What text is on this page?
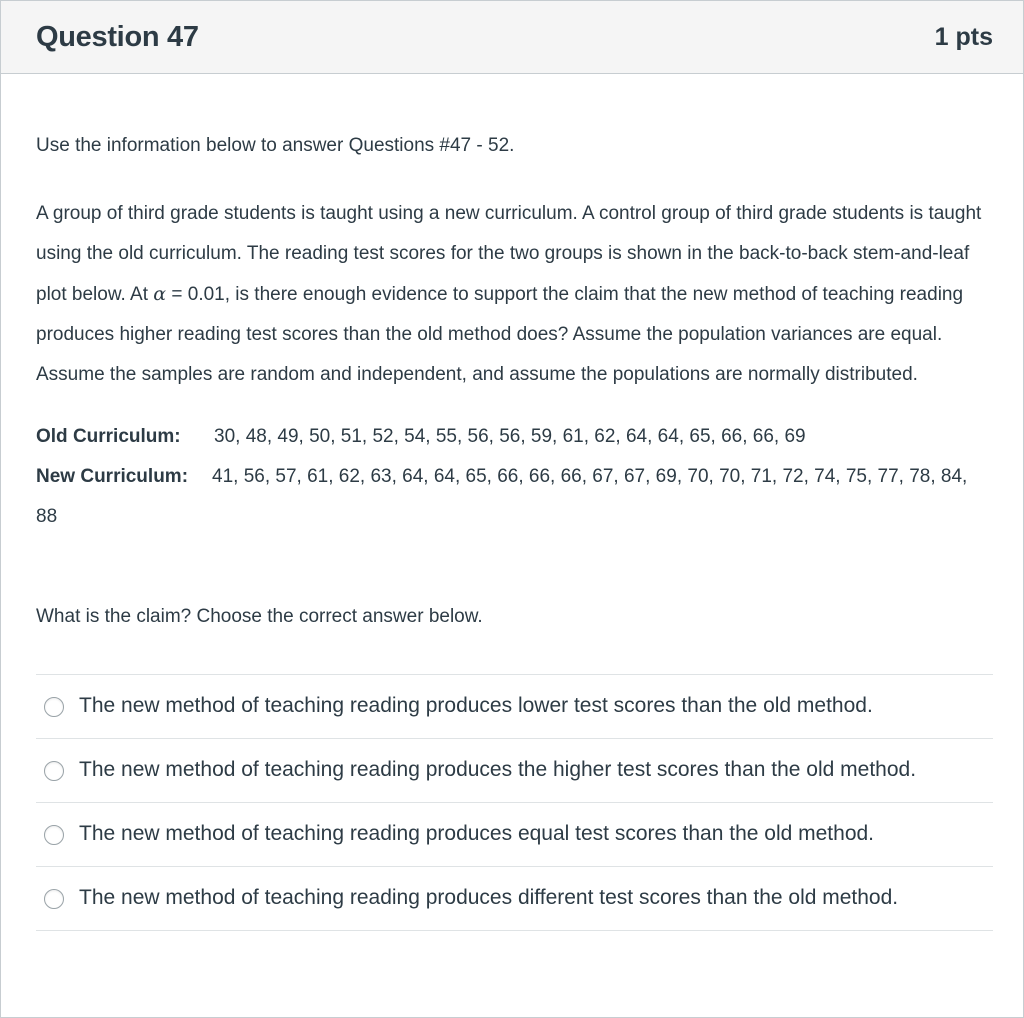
Question 47	1 pts

Use the information below to answer Questions #47 - 52.

A group of third grade students is taught using a new curriculum. A control group of third grade students is taught using the old curriculum. The reading test scores for the two groups is shown in the back-to-back stem-and-leaf plot below. At α = 0.01, is there enough evidence to support the claim that the new method of teaching reading produces higher reading test scores than the old method does? Assume the population variances are equal. Assume the samples are random and independent, and assume the populations are normally distributed.

Old Curriculum: 30, 48, 49, 50, 51, 52, 54, 55, 56, 56, 59, 61, 62, 64, 64, 65, 66, 66, 69
New Curriculum: 41, 56, 57, 61, 62, 63, 64, 64, 65, 66, 66, 66, 67, 67, 69, 70, 70, 71, 72, 74, 75, 77, 78, 84, 88

What is the claim? Choose the correct answer below.

The new method of teaching reading produces lower test scores than the old method.
The new method of teaching reading produces the higher test scores than the old method.
The new method of teaching reading produces equal test scores than the old method.
The new method of teaching reading produces different test scores than the old method.
